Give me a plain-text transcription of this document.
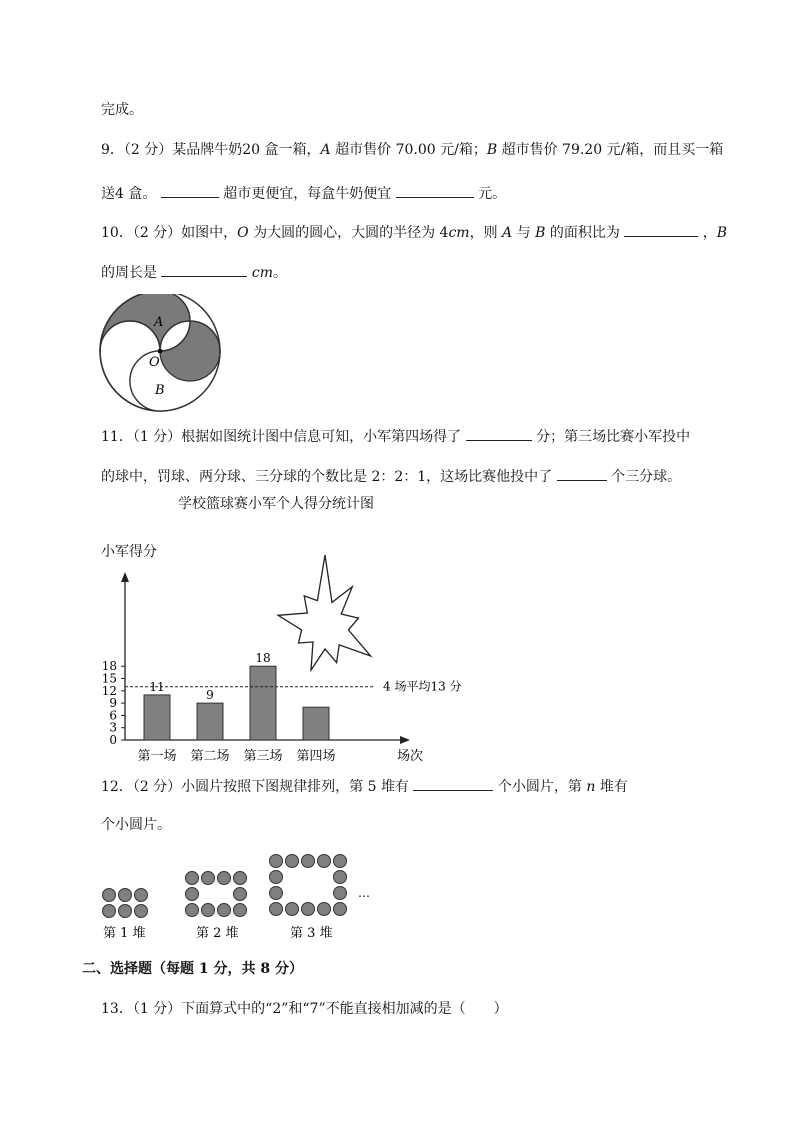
完成。
9．（2 分）某品牌牛奶20 盒一箱，A 超市售价 70.00 元/箱；B 超市售价 79.20 元/箱，而且买一箱
送4 盒。	超市更便宜，每盒牛奶便宜	元。
10．（2 分）如图中，O 为大圆的圆心，大圆的半径为 4cm，则 A 与 B 的面积比为	，B
的周长是	cm。
A
O
B
11．（1 分）根据如图统计图中信息可知，小军第四场得了	分；第三场比赛小军投中
的球中，罚球、两分球、三分球的个数比是 2：2：1，这场比赛他投中了	个三分球。
学校篮球赛小军个人得分统计图
小军得分
0
3
6
9
12
15
18
11
第一场
9
第二场
18
第三场 第四场	场次
4 场平均13 分
12．（2 分）小圆片按照下图规律排列，第 5 堆有	个小圆片，第 n 堆有
个小圆片。
…
第 1 堆	第 2 堆	第 3 堆
二、选择题（每题 1 分，共 8 分）
13．（1 分）下面算式中的“2”和“7”不能直接相加减的是（　　）
